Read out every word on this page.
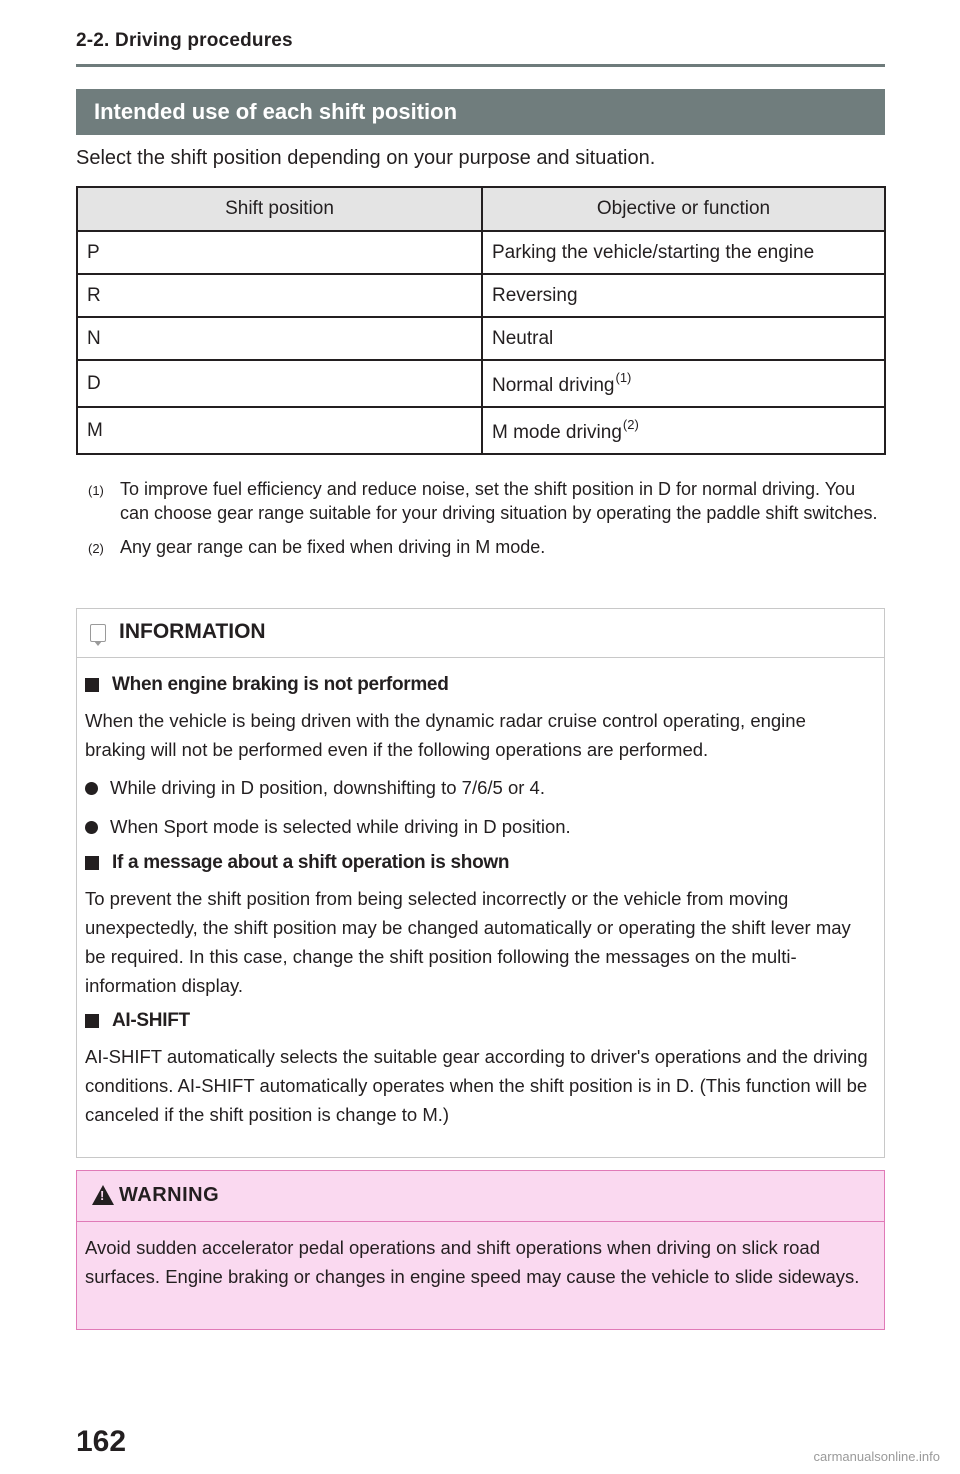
2-2. Driving procedures
Intended use of each shift position
Select the shift position depending on your purpose and situation.
Shift position	Objective or function
P	Parking the vehicle/starting the engine
R	Reversing
N	Neutral
D	Normal driving$^{(1)}$
M	M mode driving$^{(2)}$
(1) To improve fuel efficiency and reduce noise, set the shift position in D for normal driving. You can choose gear range suitable for your driving situation by operating the paddle shift switches.
(2) Any gear range can be fixed when driving in M mode.
INFORMATION
When engine braking is not performed

When the vehicle is being driven with the dynamic radar cruise control operating, engine braking will not be performed even if the following operations are performed.

While driving in D position, downshifting to 7/6/5 or 4.
When Sport mode is selected while driving in D position.
If a message about a shift operation is shown

To prevent the shift position from being selected incorrectly or the vehicle from moving unexpectedly, the shift position may be changed automatically or operating the shift lever may be required. In this case, change the shift position following the messages on the multi-information display.

AI-SHIFT

AI-SHIFT automatically selects the suitable gear according to driver's operations and the driving conditions. AI-SHIFT automatically operates when the shift position is in D. (This function will be canceled if the shift position is change to M.)

!
WARNING
Avoid sudden accelerator pedal operations and shift operations when driving on slick road surfaces. Engine braking or changes in engine speed may cause the vehicle to slide sideways.
162	carmanualsonline.info
